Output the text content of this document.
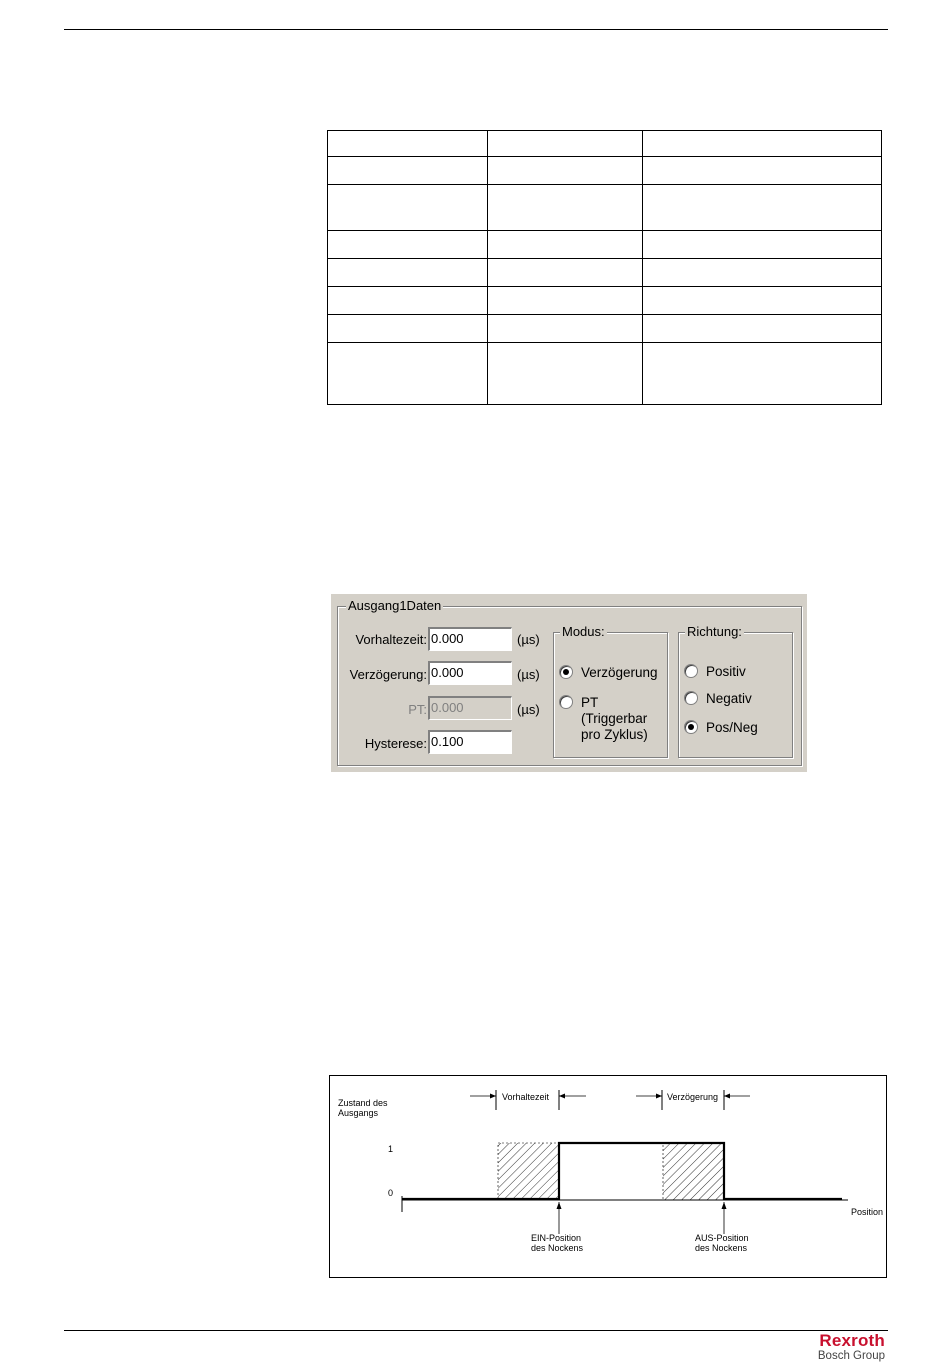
Ausgang1Daten
Vorhaltezeit: 0.000	(µs)
Verzögerung: 0.000	(µs)
PT: 0.000	(µs)
Hysterese: 0.100
Modus:
Verzögerung
PT
(Triggerbar
pro Zyklus)
Richtung:
Positiv
Negativ
Pos/Neg
Zustand des
Ausgangs
1
0
Position
Vorhaltezeit	Verzögerung
EIN-Position
des Nockens
AUS-Position
des Nockens
Rexroth
Bosch Group
